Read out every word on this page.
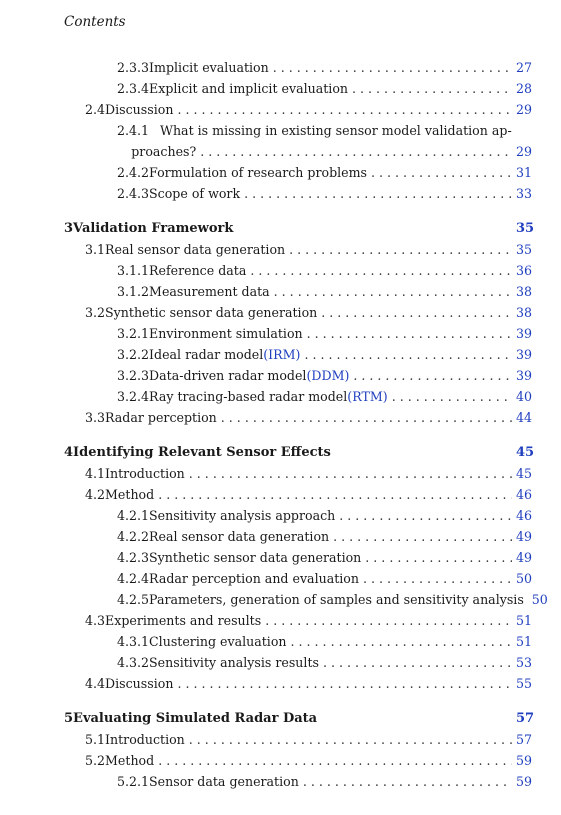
Contents
2.3.3 Implicit evaluation . . .	27
2.3.4 Explicit and implicit evaluation . . .	28
2.4 Discussion . . .	29
2.4.1 What is missing in existing sensor model validation ap-
proaches? . . .	29
2.4.2 Formulation of research problems . . .	31
2.4.3 Scope of work . . .	33
3 Validation Framework	35
3.1 Real sensor data generation . . .	35
3.1.1 Reference data . . .	36
3.1.2 Measurement data . . .	38
3.2 Synthetic sensor data generation . . .	38
3.2.1 Environment simulation . . .	39
3.2.2 Ideal radar model (IRM) . . .	39
3.2.3 Data-driven radar model (DDM) . . .	39
3.2.4 Ray tracing-based radar model (RTM) . . .	40
3.3 Radar perception . . .	44
4 Identifying Relevant Sensor Effects	45
4.1 Introduction . . .	45
4.2 Method . . .	46
4.2.1 Sensitivity analysis approach . . .	46
4.2.2 Real sensor data generation . . .	49
4.2.3 Synthetic sensor data generation . . .	49
4.2.4 Radar perception and evaluation . . .	50
4.2.5 Parameters, generation of samples and sensitivity analysis 50
4.3 Experiments and results . . .	51
4.3.1 Clustering evaluation . . .	51
4.3.2 Sensitivity analysis results . . .	53
4.4 Discussion . . .	55
5 Evaluating Simulated Radar Data	57
5.1 Introduction . . .	57
5.2 Method . . .	59
5.2.1 Sensor data generation . . .	59
